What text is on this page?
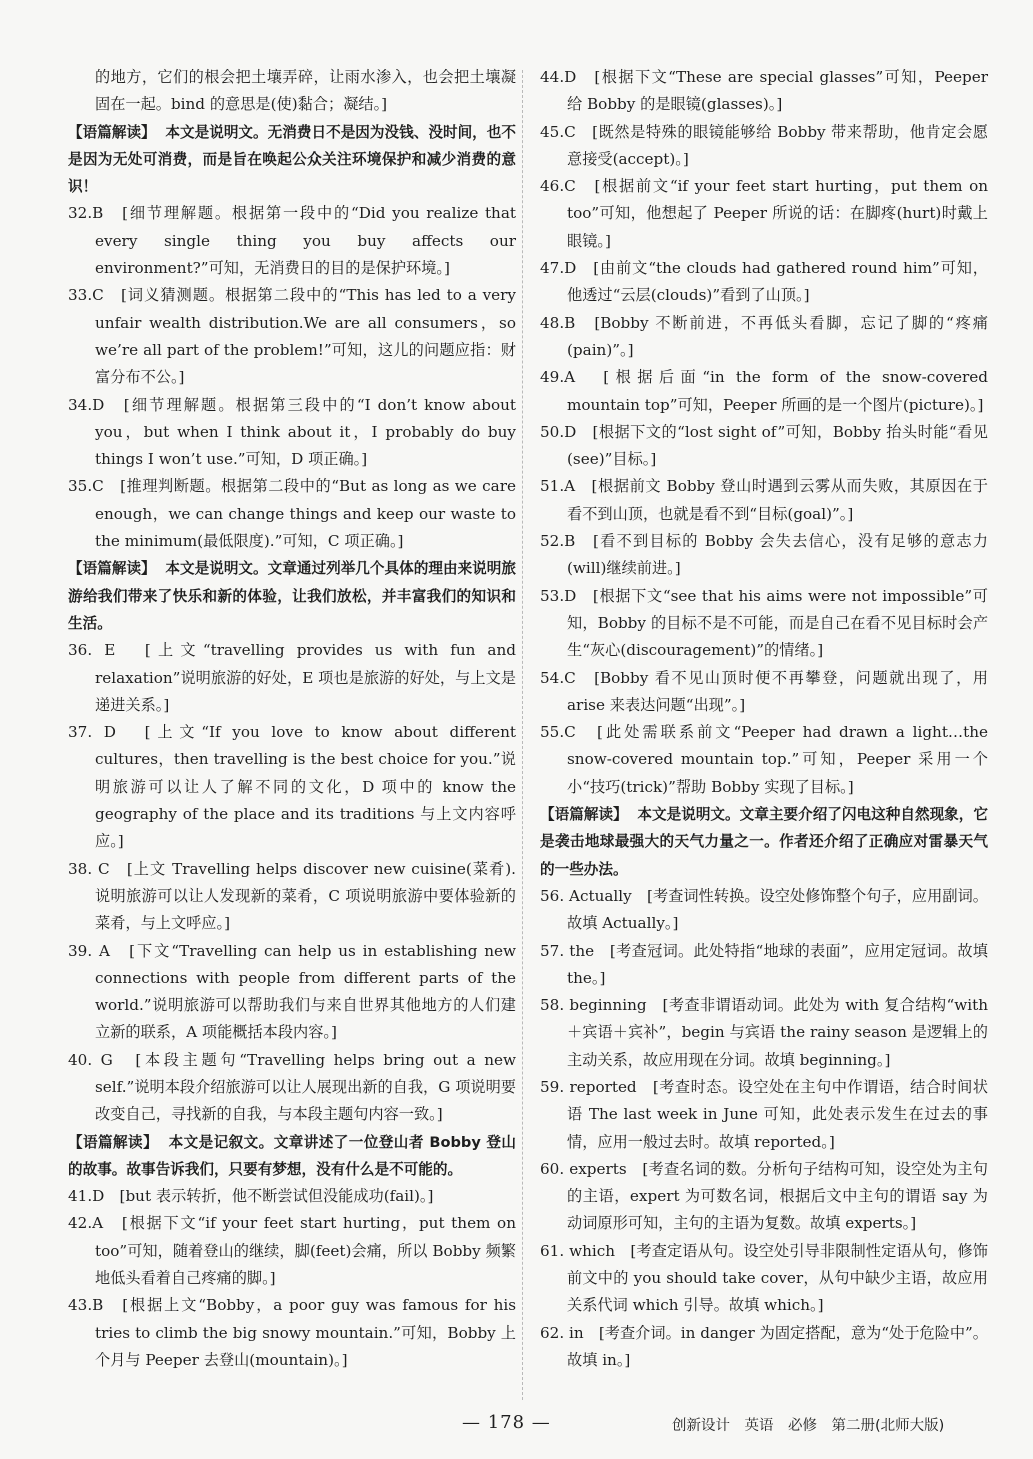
的地方，它们的根会把土壤弄碎，让雨水渗入，也会把土壤凝固在一起。bind 的意思是(使)黏合；凝结。]

【语篇解读】 本文是说明文。无消费日不是因为没钱、没时间，也不是因为无处可消费，而是旨在唤起公众关注环境保护和减少消费的意识！

32.B　[细节理解题。根据第一段中的“Did you realize that every single thing you buy affects our environment?”可知，无消费日的目的是保护环境。]

33.C　[词义猜测题。根据第二段中的“This has led to a very unfair wealth distribution.We are all consumers，so we’re all part of the problem!”可知，这儿的问题应指：财富分布不公。]

34.D　[细节理解题。根据第三段中的“I don’t know about you，but when I think about it，I probably do buy things I won’t use.”可知，D 项正确。]

35.C　[推理判断题。根据第二段中的“But as long as we care enough，we can change things and keep our waste to the minimum(最低限度).”可知，C 项正确。]

【语篇解读】 本文是说明文。文章通过列举几个具体的理由来说明旅游给我们带来了快乐和新的体验，让我们放松，并丰富我们的知识和生活。

36. E　[上文“travelling provides us with fun and relaxation”说明旅游的好处，E 项也是旅游的好处，与上文是递进关系。]

37. D　[上文“If you love to know about different cultures，then travelling is the best choice for you.”说明旅游可以让人了解不同的文化，D 项中的 know the geography of the place and its traditions 与上文内容呼应。]

38. C　[上文 Travelling helps discover new cuisine(菜肴).说明旅游可以让人发现新的菜肴，C 项说明旅游中要体验新的菜肴，与上文呼应。]

39. A　[下文“Travelling can help us in establishing new connections with people from different parts of the world.”说明旅游可以帮助我们与来自世界其他地方的人们建立新的联系，A 项能概括本段内容。]

40. G　[本段主题句“Travelling helps bring out a new self.”说明本段介绍旅游可以让人展现出新的自我，G 项说明要改变自己，寻找新的自我，与本段主题句内容一致。]

【语篇解读】 本文是记叙文。文章讲述了一位登山者 Bobby 登山的故事。故事告诉我们，只要有梦想，没有什么是不可能的。

41.D　[but 表示转折，他不断尝试但没能成功(fail)。]

42.A　[根据下文“if your feet start hurting，put them on too”可知，随着登山的继续，脚(feet)会痛，所以 Bobby 频繁地低头看着自己疼痛的脚。]

43.B　[根据上文“Bobby，a poor guy was famous for his tries to climb the big snowy mountain.”可知，Bobby 上个月与 Peeper 去登山(mountain)。]

44.D　[根据下文“These are special glasses”可知，Peeper 给 Bobby 的是眼镜(glasses)。]

45.C　[既然是特殊的眼镜能够给 Bobby 带来帮助，他肯定会愿意接受(accept)。]

46.C　[根据前文“if your feet start hurting，put them on too”可知，他想起了 Peeper 所说的话：在脚疼(hurt)时戴上眼镜。]

47.D　[由前文“the clouds had gathered round him”可知，他透过“云层(clouds)”看到了山顶。]

48.B　[Bobby 不断前进，不再低头看脚，忘记了脚的“疼痛(pain)”。]

49.A　[根据后面“in the form of the snow-covered mountain top”可知，Peeper 所画的是一个图片(picture)。]

50.D　[根据下文的“lost sight of”可知，Bobby 抬头时能“看见(see)”目标。]

51.A　[根据前文 Bobby 登山时遇到云雾从而失败，其原因在于看不到山顶，也就是看不到“目标(goal)”。]

52.B　[看不到目标的 Bobby 会失去信心，没有足够的意志力(will)继续前进。]

53.D　[根据下文“see that his aims were not impossible”可知，Bobby 的目标不是不可能，而是自己在看不见目标时会产生“灰心(discouragement)”的情绪。]

54.C　[Bobby 看不见山顶时便不再攀登，问题就出现了，用 arise 来表达问题“出现”。]

55.C　[此处需联系前文“Peeper had drawn a light…the snow-covered mountain top.”可知，Peeper 采用一个小“技巧(trick)”帮助 Bobby 实现了目标。]

【语篇解读】 本文是说明文。文章主要介绍了闪电这种自然现象，它是袭击地球最强大的天气力量之一。作者还介绍了正确应对雷暴天气的一些办法。

56. Actually　[考查词性转换。设空处修饰整个句子，应用副词。故填 Actually。]

57. the　[考查冠词。此处特指“地球的表面”，应用定冠词。故填 the。]

58. beginning　[考查非谓语动词。此处为 with 复合结构“with＋宾语＋宾补”，begin 与宾语 the rainy season 是逻辑上的主动关系，故应用现在分词。故填 beginning。]

59. reported　[考查时态。设空处在主句中作谓语，结合时间状语 The last week in June 可知，此处表示发生在过去的事情，应用一般过去时。故填 reported。]

60. experts　[考查名词的数。分析句子结构可知，设空处为主句的主语，expert 为可数名词，根据后文中主句的谓语 say 为动词原形可知，主句的主语为复数。故填 experts。]

61. which　[考查定语从句。设空处引导非限制性定语从句，修饰前文中的 you should take cover，从句中缺少主语，故应用关系代词 which 引导。故填 which。]

62. in　[考查介词。in danger 为固定搭配，意为“处于危险中”。故填 in。]

— 178 —	创新设计　英语　必修　第二册(北师大版)
